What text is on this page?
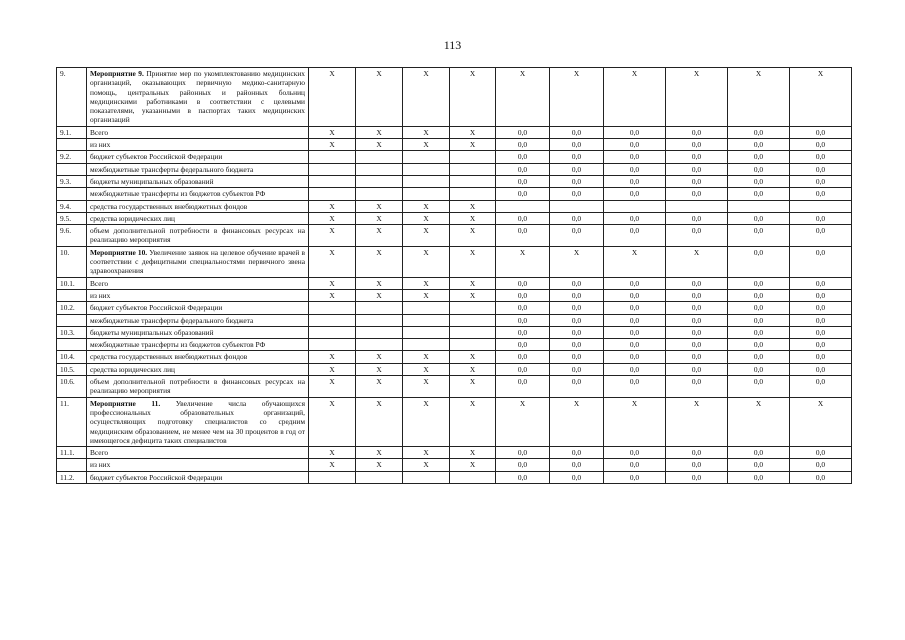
113
9.	Мероприятие 9. Принятие мер по укомплектованию медицинских организаций, оказывающих первичную медико-санитарную помощь, центральных районных и районных больниц медицинскими работниками в соответствии с целевыми показателями, указанными в паспортах таких медицинских организаций	X	X	X	X	X	X	X	X	X	X
9.1.	Всего	X	X	X	X	0,0	0,0	0,0	0,0	0,0	0,0
	из них	X	X	X	X	0,0	0,0	0,0	0,0	0,0	0,0
9.2.	бюджет субъектов Российской Федерации					0,0	0,0	0,0	0,0	0,0	0,0
	межбюджетные трансферты федерального бюджета					0,0	0,0	0,0	0,0	0,0	0,0
9.3.	бюджеты муниципальных образований					0,0	0,0	0,0	0,0	0,0	0,0
	межбюджетные трансферты из бюджетов субъектов РФ					0,0	0,0	0,0	0,0	0,0	0,0
9.4.	средства государственных внебюджетных фондов	X	X	X	X						
9.5.	средства юридических лиц	X	X	X	X	0,0	0,0	0,0	0,0	0,0	0,0
9.6.	объем дополнительной потребности в финансовых ресурсах на реализацию мероприятия	X	X	X	X	0,0	0,0	0,0	0,0	0,0	0,0
10.	Мероприятие 10. Увеличение заявок на целевое обучение врачей в соответствии с дефицитными специальностями первичного звена здравоохранения	X	X	X	X	X	X	X	X	0,0	0,0
10.1.	Всего	X	X	X	X	0,0	0,0	0,0	0,0	0,0	0,0
	из них	X	X	X	X	0,0	0,0	0,0	0,0	0,0	0,0
10.2.	бюджет субъектов Российской Федерации					0,0	0,0	0,0	0,0	0,0	0,0
	межбюджетные трансферты федерального бюджета					0,0	0,0	0,0	0,0	0,0	0,0
10.3.	бюджеты муниципальных образований					0,0	0,0	0,0	0,0	0,0	0,0
	межбюджетные трансферты из бюджетов субъектов РФ					0,0	0,0	0,0	0,0	0,0	0,0
10.4.	средства государственных внебюджетных фондов	X	X	X	X	0,0	0,0	0,0	0,0	0,0	0,0
10.5.	средства юридических лиц	X	X	X	X	0,0	0,0	0,0	0,0	0,0	0,0
10.6.	объем дополнительной потребности в финансовых ресурсах на реализацию мероприятия	X	X	X	X	0,0	0,0	0,0	0,0	0,0	0,0
11.	Мероприятие 11. Увеличение числа обучающихся профессиональных образовательных организаций, осуществляющих подготовку специалистов со средним медицинским образованием, не менее чем на 30 процентов в год от имеющегося дефицита таких специалистов	X	X	X	X	X	X	X	X	X	X
11.1.	Всего	X	X	X	X	0,0	0,0	0,0	0,0	0,0	0,0
	из них	X	X	X	X	0,0	0,0	0,0	0,0	0,0	0,0
11.2.	бюджет субъектов Российской Федерации					0,0	0,0	0,0	0,0	0,0	0,0
